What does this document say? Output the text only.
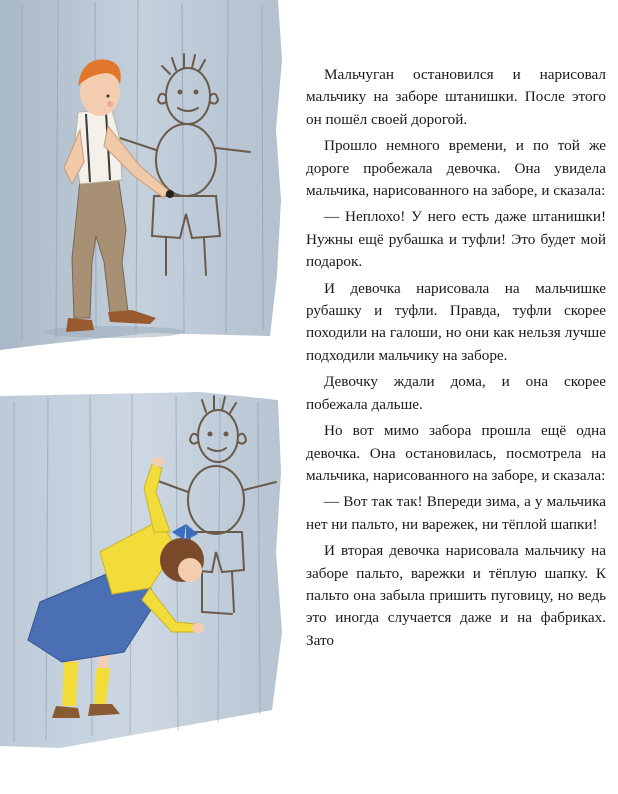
Мальчуган остановился и нарисовал мальчику на заборе штанишки. После этого он пошёл своей дорогой.

Прошло немного времени, и по той же дороге пробежала девочка. Она увидела мальчика, нарисованного на заборе, и сказала:

— Неплохо! У него есть даже штанишки! Нужны ещё рубашка и туфли! Это будет мой подарок.

И девочка нарисовала на мальчишке рубашку и туфли. Правда, туфли скорее походили на галоши, но они как нельзя лучше подходили мальчику на заборе.

Девочку ждали дома, и она скорее побежала дальше.

Но вот мимо забора прошла ещё одна девочка. Она остановилась, посмотрела на мальчика, нарисованного на заборе, и сказала:

— Вот так так! Впереди зима, а у мальчика нет ни пальто, ни варежек, ни тёплой шапки!

И вторая девочка нарисовала мальчику на заборе пальто, варежки и тёплую шапку. К пальто она забыла пришить пуговицу, но ведь это иногда случается даже и на фабриках. Зато
